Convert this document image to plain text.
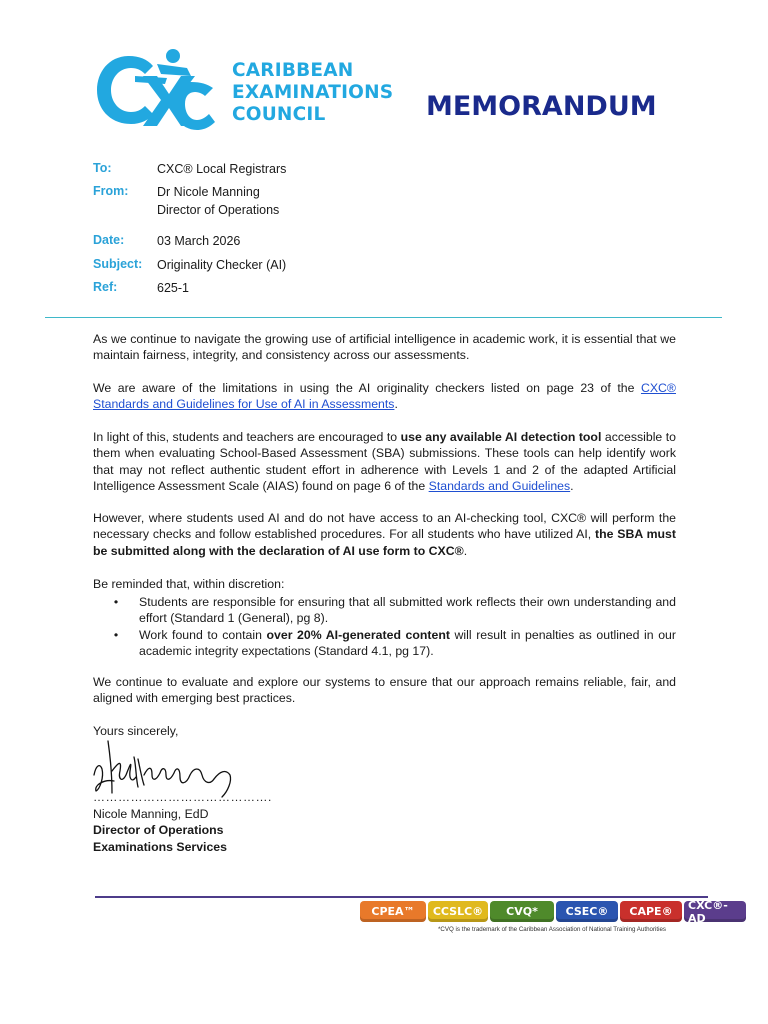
CARIBBEAN
EXAMINATIONS
COUNCIL	MEMORANDUM
To:	CXC® Local Registrars
From: Dr Nicole Manning
Director of Operations
Date:	03 March 2026
Subject: Originality Checker (AI)
Ref:	625-1
As we continue to navigate the growing use of artificial intelligence in academic work, it is essential that we maintain fairness, integrity, and consistency across our assessments.
We are aware of the limitations in using the AI originality checkers listed on page 23 of the CXC® Standards and Guidelines for Use of AI in Assessments.
In light of this, students and teachers are encouraged to use any available AI detection tool accessible to them when evaluating School-Based Assessment (SBA) submissions. These tools can help identify work that may not reflect authentic student effort in adherence with Levels 1 and 2 of the adapted Artificial Intelligence Assessment Scale (AIAS) found on page 6 of the Standards and Guidelines.
However, where students used AI and do not have access to an AI-checking tool, CXC® will perform the necessary checks and follow established procedures. For all students who have utilized AI, the SBA must be submitted along with the declaration of AI use form to CXC®.
Be reminded that, within discretion:
•	Students are responsible for ensuring that all submitted work reflects their own understanding and effort (Standard 1 (General), pg 8).
•	Work found to contain over 20% AI-generated content will result in penalties as outlined in our academic integrity expectations (Standard 4.1, pg 17).
We continue to evaluate and explore our systems to ensure that our approach remains reliable, fair, and aligned with emerging best practices.
Yours sincerely,
…………………………………….
Nicole Manning, EdD
Director of Operations
Examinations Services
CPEA™	CCSLC®	CVQ*	CSEC®	CAPE®	CXC®-AD
*CVQ is the trademark of the Caribbean Association of National Training Authorities
